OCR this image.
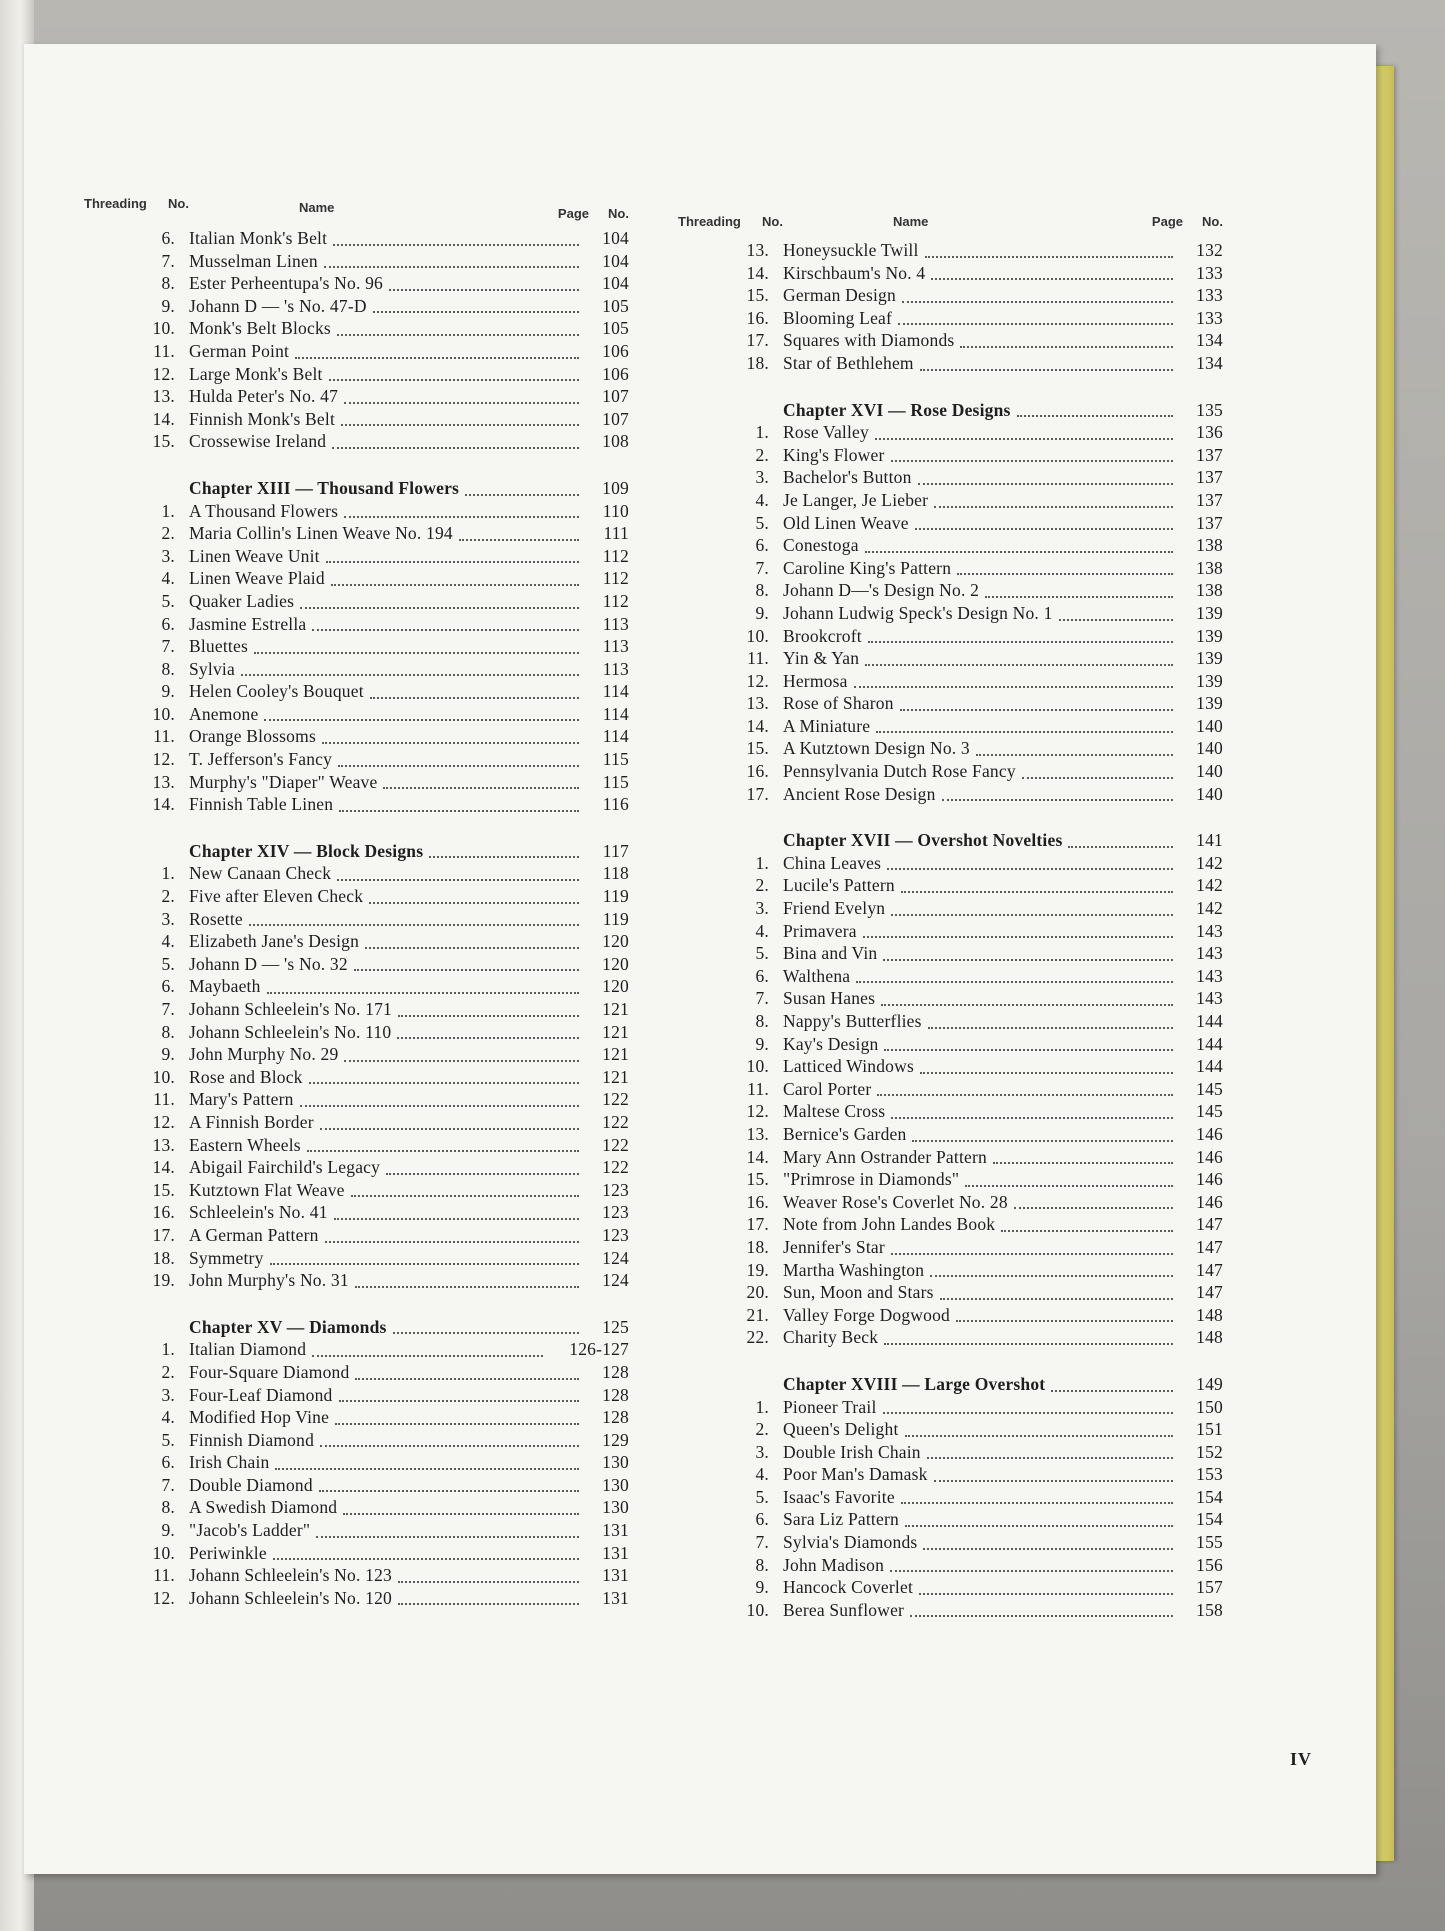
Threading No.	Name	Page No.
6. Italian Monk's Belt	104
7. Musselman Linen	104
8. Ester Perheentupa's No. 96	104
9. Johann D — 's No. 47-D	105
10. Monk's Belt Blocks	105
11. German Point	106
12. Large Monk's Belt	106
13. Hulda Peter's No. 47	107
14. Finnish Monk's Belt	107
15. Crossewise Ireland	108
Chapter XIII — Thousand Flowers	109
1. A Thousand Flowers	110
2. Maria Collin's Linen Weave No. 194	111
3. Linen Weave Unit	112
4. Linen Weave Plaid	112
5. Quaker Ladies	112
6. Jasmine Estrella	113
7. Bluettes	113
8. Sylvia	113
9. Helen Cooley's Bouquet	114
10. Anemone	114
11. Orange Blossoms	114
12. T. Jefferson's Fancy	115
13. Murphy's "Diaper" Weave	115
14. Finnish Table Linen	116
Chapter XIV — Block Designs	117
1. New Canaan Check	118
2. Five after Eleven Check	119
3. Rosette	119
4. Elizabeth Jane's Design	120
5. Johann D — 's No. 32	120
6. Maybaeth	120
7. Johann Schleelein's No. 171	121
8. Johann Schleelein's No. 110	121
9. John Murphy No. 29	121
10. Rose and Block	121
11. Mary's Pattern	122
12. A Finnish Border	122
13. Eastern Wheels	122
14. Abigail Fairchild's Legacy	122
15. Kutztown Flat Weave	123
16. Schleelein's No. 41	123
17. A German Pattern	123
18. Symmetry	124
19. John Murphy's No. 31	124
Chapter XV — Diamonds	125
1. Italian Diamond	126-127
2. Four-Square Diamond	128
3. Four-Leaf Diamond	128
4. Modified Hop Vine	128
5. Finnish Diamond	129
6. Irish Chain	130
7. Double Diamond	130
8. A Swedish Diamond	130
9. "Jacob's Ladder"	131
10. Periwinkle	131
11. Johann Schleelein's No. 123	131
12. Johann Schleelein's No. 120	131
Threading No.	Name	Page No.
13. Honeysuckle Twill	132
14. Kirschbaum's No. 4	133
15. German Design	133
16. Blooming Leaf	133
17. Squares with Diamonds	134
18. Star of Bethlehem	134
Chapter XVI — Rose Designs	135
1. Rose Valley	136
2. King's Flower	137
3. Bachelor's Button	137
4. Je Langer, Je Lieber	137
5. Old Linen Weave	137
6. Conestoga	138
7. Caroline King's Pattern	138
8. Johann D—'s Design No. 2	138
9. Johann Ludwig Speck's Design No. 1	139
10. Brookcroft	139
11. Yin & Yan	139
12. Hermosa	139
13. Rose of Sharon	139
14. A Miniature	140
15. A Kutztown Design No. 3	140
16. Pennsylvania Dutch Rose Fancy	140
17. Ancient Rose Design	140
Chapter XVII — Overshot Novelties	141
1. China Leaves	142
2. Lucile's Pattern	142
3. Friend Evelyn	142
4. Primavera	143
5. Bina and Vin	143
6. Walthena	143
7. Susan Hanes	143
8. Nappy's Butterflies	144
9. Kay's Design	144
10. Latticed Windows	144
11. Carol Porter	145
12. Maltese Cross	145
13. Bernice's Garden	146
14. Mary Ann Ostrander Pattern	146
15. "Primrose in Diamonds"	146
16. Weaver Rose's Coverlet No. 28	146
17. Note from John Landes Book	147
18. Jennifer's Star	147
19. Martha Washington	147
20. Sun, Moon and Stars	147
21. Valley Forge Dogwood	148
22. Charity Beck	148
Chapter XVIII — Large Overshot	149
1. Pioneer Trail	150
2. Queen's Delight	151
3. Double Irish Chain	152
4. Poor Man's Damask	153
5. Isaac's Favorite	154
6. Sara Liz Pattern	154
7. Sylvia's Diamonds	155
8. John Madison	156
9. Hancock Coverlet	157
10. Berea Sunflower	158
IV
